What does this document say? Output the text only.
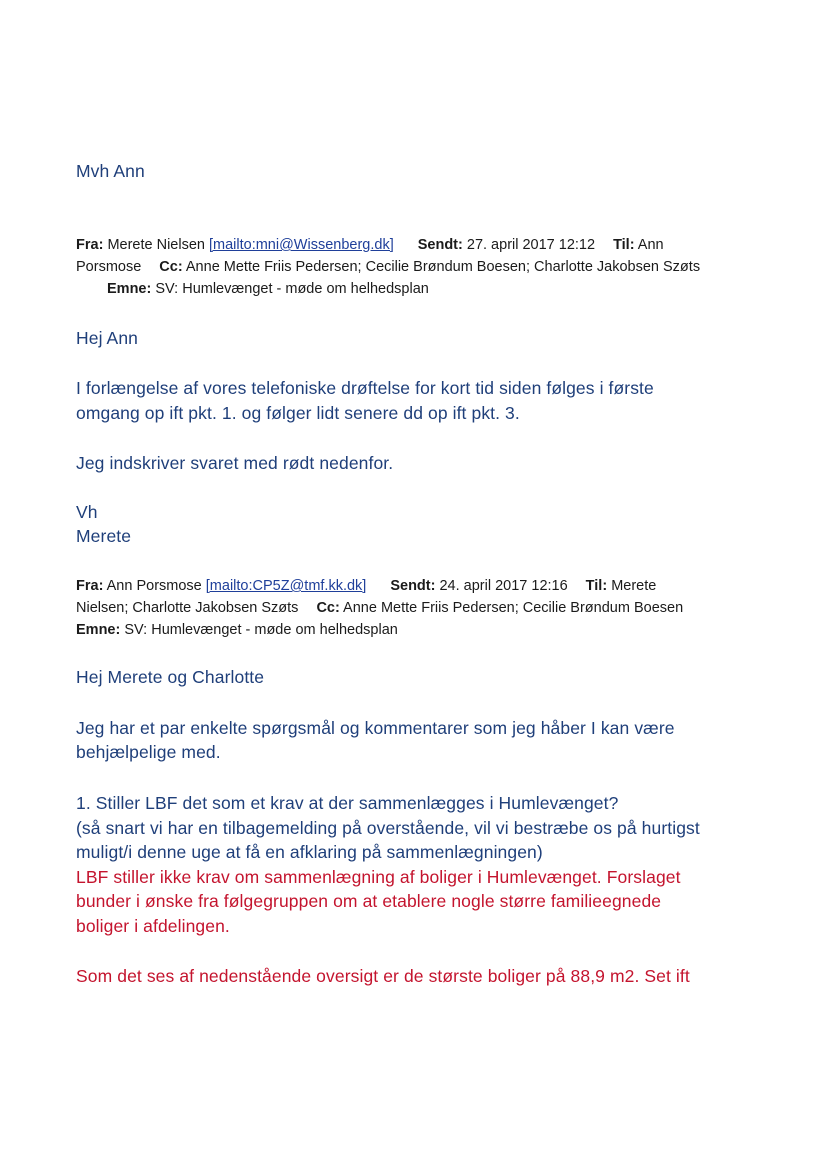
Mvh Ann

Fra: Merete Nielsen [mailto:mni@Wissenberg.dk] Sendt: 27. april 2017 12:12 Til: Ann
Porsmose Cc: Anne Mette Friis Pedersen; Cecilie Brøndum Boesen; Charlotte Jakobsen Szøts
Emne: SV: Humlevænget - møde om helhedsplan

Hej Ann

I forlængelse af vores telefoniske drøftelse for kort tid siden følges i første

omgang op ift pkt. 1. og følger lidt senere dd op ift pkt. 3.

Jeg indskriver svaret med rødt nedenfor.

Vh

Merete

Fra: Ann Porsmose [mailto:CP5Z@tmf.kk.dk] Sendt: 24. april 2017 12:16 Til: Merete
Nielsen; Charlotte Jakobsen Szøts Cc: Anne Mette Friis Pedersen; Cecilie Brøndum Boesen
Emne: SV: Humlevænget - møde om helhedsplan

Hej Merete og Charlotte

Jeg har et par enkelte spørgsmål og kommentarer som jeg håber I kan være

behjælpelige med.

1. Stiller LBF det som et krav at der sammenlægges i Humlevænget?

(så snart vi har en tilbagemelding på overstående, vil vi bestræbe os på hurtigst

muligt/i denne uge at få en afklaring på sammenlægningen)

LBF stiller ikke krav om sammenlægning af boliger i Humlevænget. Forslaget

bunder i ønske fra følgegruppen om at etablere nogle større familieegnede

boliger i afdelingen.

Som det ses af nedenstående oversigt er de største boliger på 88,9 m2. Set ift
